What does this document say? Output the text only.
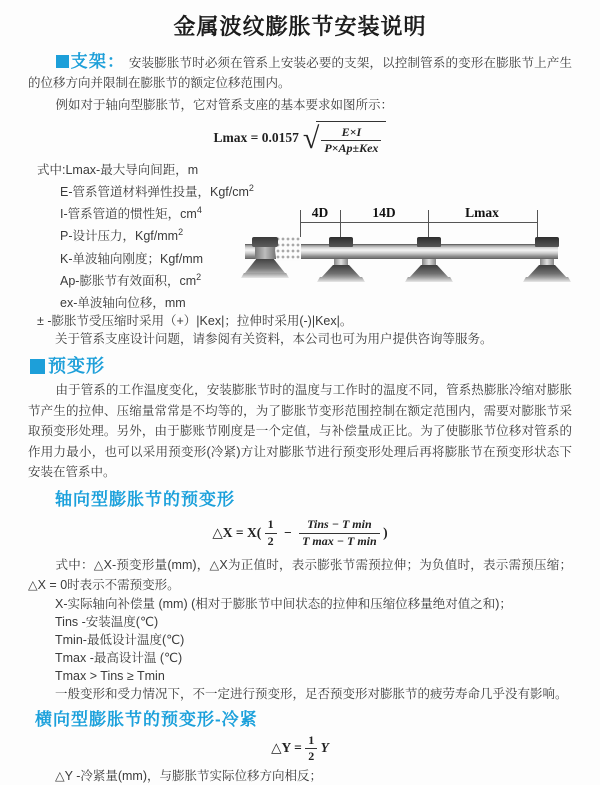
金属波纹膨胀节安装说明

支架： 安装膨胀节时必须在管系上安装必要的支架，以控制管系的变形在膨胀节上产生的位移方向并限制在膨胀节的额定位移范围内。

例如对于轴向型膨胀节，它对管系支座的基本要求如图所示：

Lmax = 0.0157 √ $\frac{E\times I}{\text{P×Ap±Kex}}$
式中:Lmax-最大导向间距，m
E-管系管道材料弹性投量，Kgf/$cm^2$
I-管系管道的惯性矩，$cm^4$
P-设计压力，Kgf/$mm^2$
K-单波轴向刚度；Kgf/mm
Ap-膨胀节有效面积，$cm^2$
ex-单波轴向位移，mm
± -膨胀节受压缩时采用（+）|Kex|；拉伸时采用(-)|Kex|。
关于管系支座设计问题，请参阅有关资料，本公司也可为用户提供咨询等服务。
4D	14D	Lmax
预变形

由于管系的工作温度变化，安装膨胀节时的温度与工作时的温度不同，管系热膨胀冷缩对膨胀节产生的拉伸、压缩量常常是不均等的，为了膨胀节变形范围控制在额定范围内，需要对膨胀节采取预变形处理。另外，由于膨账节刚度是一个定值，与补偿量成正比。为了使膨胀节位移对管系的作用力最小，也可以采用预变形(冷紧)方让对膨胀节进行预变形处理后再将膨胀节在预变形状态下安装在管系中。

轴向型膨胀节的预变形
△X = $X( \frac{1}{2} - \frac{\text{Tins − T min}}{\text{T max − T min}}$ )

式中：△X-预变形量(mm)，△X为正值时，表示膨张节需预拉伸；为负值时，表示需预压缩；△X = 0时表示不需预变形。

X-实际轴向补偿量 (mm) (相对于膨胀节中间状态的拉伸和压缩位移量绝对值之和)；
Tins -安装温度(℃)
Tmin-最低设计温度(℃)
Tmax -最高设计温 (℃)
Tmax > Tins ≥ Tmin
一般变形和受力情况下，不一定进行预变形，足否预变形对膨胀节的疲劳寿命几乎没有影响。
横向型膨胀节的预变形-冷紧
△Y = $\frac{1}{2}$ Y
△Y -冷紧量(mm)，与膨胀节实际位移方向相反；
